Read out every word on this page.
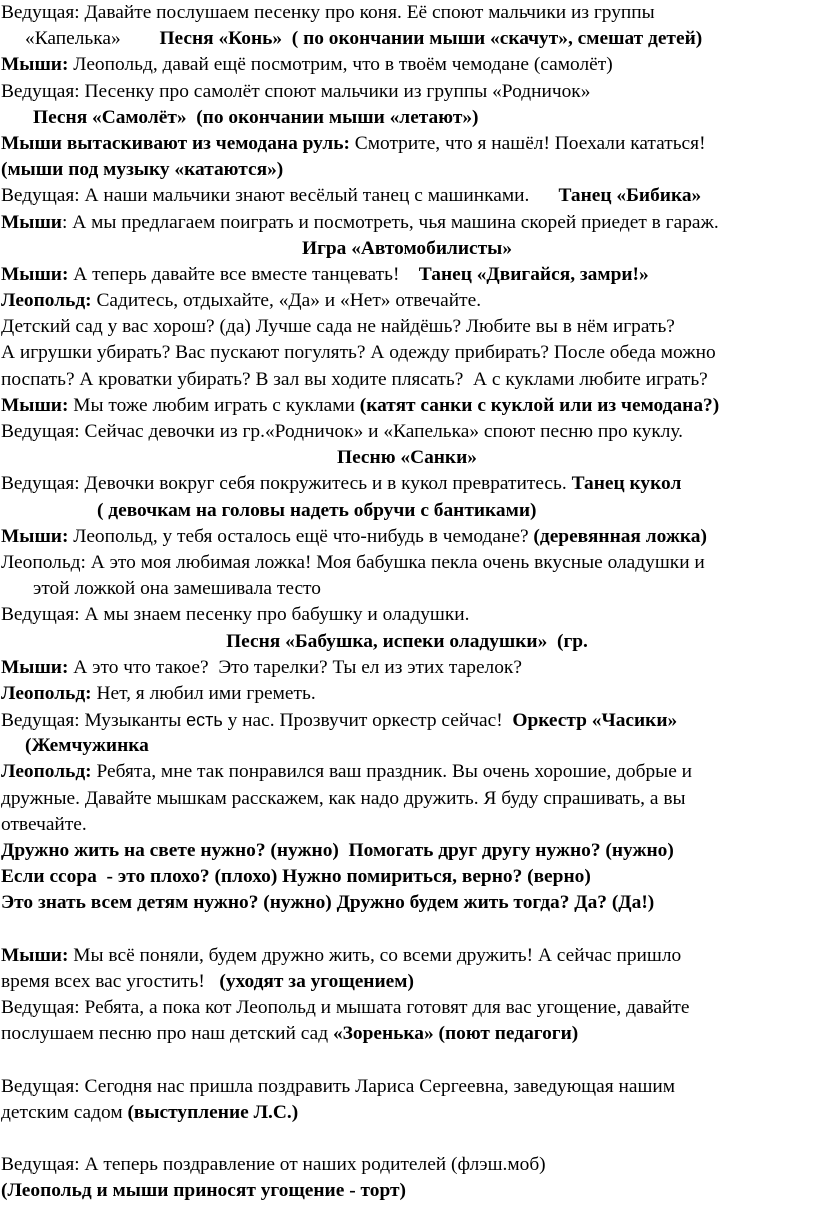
Ведущая: Давайте послушаем песенку про коня. Её споют мальчики из группы
«Капелька»        Песня «Конь»  ( по окончании мыши «скачут», смешат детей)
Мыши: Леопольд, давай ещё посмотрим, что в твоём чемодане (самолёт)
Ведущая: Песенку про самолёт споют мальчики из группы «Родничок»
Песня «Самолёт»  (по окончании мыши «летают»)
Мыши вытаскивают из чемодана руль: Смотрите, что я нашёл! Поехали кататься!
(мыши под музыку «катаются»)
Ведущая: А наши мальчики знают весёлый танец с машинками.      Танец «Бибика»
Мыши: А мы предлагаем поиграть и посмотреть, чья машина скорей приедет в гараж.
Игра «Автомобилисты»
Мыши: А теперь давайте все вместе танцевать!    Танец «Двигайся, замри!»
Леопольд: Садитесь, отдыхайте, «Да» и «Нет» отвечайте.
Детский сад у вас хорош? (да) Лучше сада не найдёшь? Любите вы в нём играть?
А игрушки убирать? Вас пускают погулять? А одежду прибирать? После обеда можно
поспать? А кроватки убирать? В зал вы ходите плясать?  А с куклами любите играть?
Мыши: Мы тоже любим играть с куклами (катят санки с куклой или из чемодана?)
Ведущая: Сейчас девочки из гр.«Родничок» и «Капелька» споют песню про куклу.
Песню «Санки»
Ведущая: Девочки вокруг себя покружитесь и в кукол превратитесь. Танец кукол
( девочкам на головы надеть обручи с бантиками)
Мыши: Леопольд, у тебя осталось ещё что-нибудь в чемодане? (деревянная ложка)
Леопольд: А это моя любимая ложка! Моя бабушка пекла очень вкусные оладушки и
этой ложкой она замешивала тесто
Ведущая: А мы знаем песенку про бабушку и оладушки.
Песня «Бабушка, испеки оладушки»  (гр.
Мыши: А это что такое?  Это тарелки? Ты ел из этих тарелок?
Леопольд: Нет, я любил ими греметь.
Ведущая: Музыканты есть у нас. Прозвучит оркестр сейчас!  Оркестр «Часики»
(Жемчужинка
Леопольд: Ребята, мне так понравился ваш праздник. Вы очень хорошие, добрые и
дружные. Давайте мышкам расскажем, как надо дружить. Я буду спрашивать, а вы
отвечайте.
Дружно жить на свете нужно? (нужно)  Помогать друг другу нужно? (нужно)
Если ссора  - это плохо? (плохо) Нужно помириться, верно? (верно)
Это знать всем детям нужно? (нужно) Дружно будем жить тогда? Да? (Да!)
Мыши: Мы всё поняли, будем дружно жить, со всеми дружить! А сейчас пришло
время всех вас угостить!   (уходят за угощением)
Ведущая: Ребята, а пока кот Леопольд и мышата готовят для вас угощение, давайте
послушаем песню про наш детский сад «Зоренька» (поют педагоги)
Ведущая: Сегодня нас пришла поздравить Лариса Сергеевна, заведующая нашим
детским садом (выступление Л.С.)
Ведущая: А теперь поздравление от наших родителей (флэш.моб)
(Леопольд и мыши приносят угощение - торт)
